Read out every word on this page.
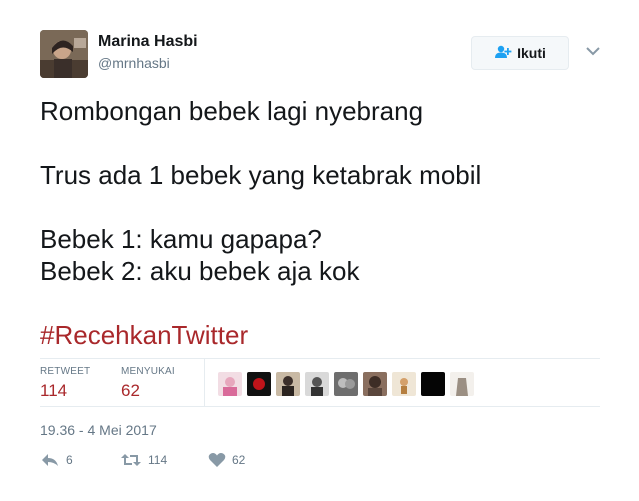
Marina Hasbi
@mrnhasbi
Ikuti
Rombongan bebek lagi nyebrang
Trus ada 1 bebek yang ketabrak mobil
Bebek 1: kamu gapapa?
Bebek 2: aku bebek aja kok
#RecehkanTwitter
RETWEET
114
MENYUKAI
62
19.36 - 4 Mei 2017
6	114	62
